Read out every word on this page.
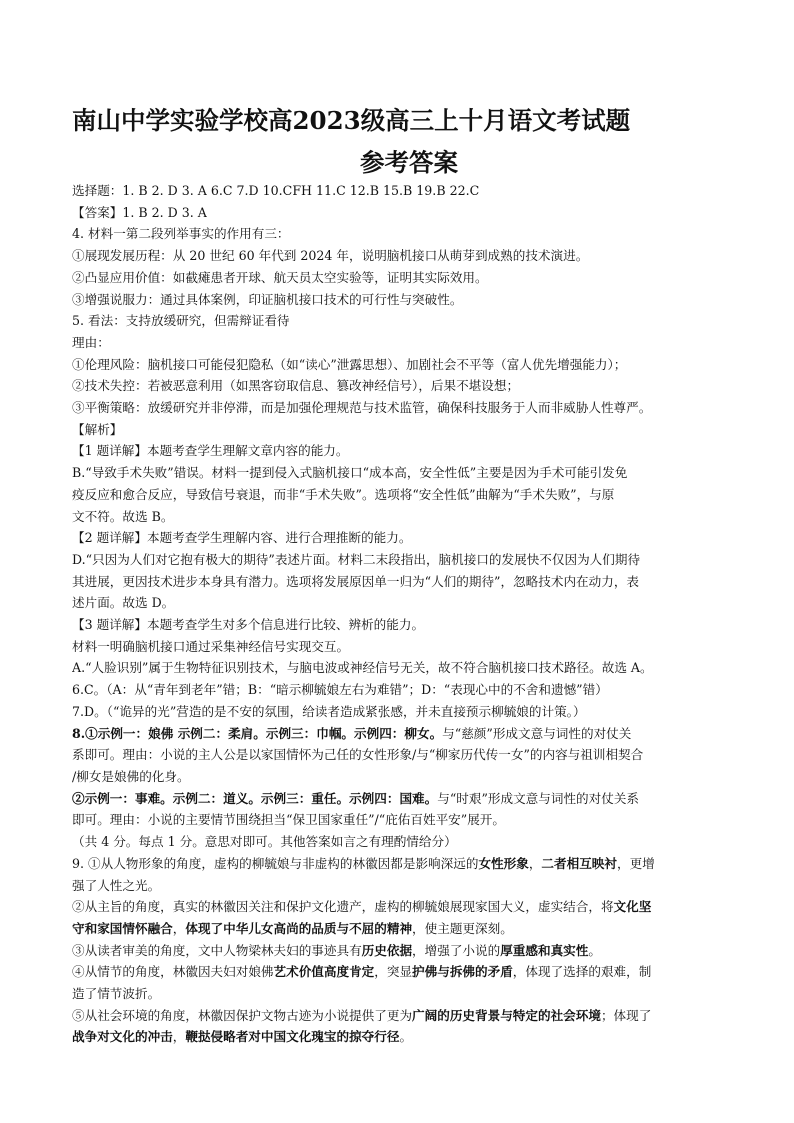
南山中学实验学校高2023级高三上十月语文考试题
参考答案

选择题：1. B 2. D 3. A 6.C 7.D 10.CFH 11.C 12.B 15.B 19.B 22.C

【答案】1. B 2. D 3. A

4. 材料一第二段列举事实的作用有三：

①展现发展历程：从 20 世纪 60 年代到 2024 年，说明脑机接口从萌芽到成熟的技术演进。

②凸显应用价值：如截瘫患者开球、航天员太空实验等，证明其实际效用。

③增强说服力：通过具体案例，印证脑机接口技术的可行性与突破性。

5. 看法：支持放缓研究，但需辩证看待

理由：

①伦理风险：脑机接口可能侵犯隐私（如“读心”泄露思想）、加剧社会不平等（富人优先增强能力）；

②技术失控：若被恶意利用（如黑客窃取信息、篡改神经信号），后果不堪设想；

③平衡策略：放缓研究并非停滞，而是加强伦理规范与技术监管，确保科技服务于人而非威胁人性尊严。

【解析】

【1 题详解】本题考查学生理解文章内容的能力。

B.“导致手术失败”错误。材料一提到侵入式脑机接口“成本高，安全性低”主要是因为手术可能引发免

疫反应和愈合反应，导致信号衰退，而非“手术失败”。选项将“安全性低”曲解为“手术失败”，与原

文不符。故选 B。

【2 题详解】本题考查学生理解内容、进行合理推断的能力。

D.“只因为人们对它抱有极大的期待”表述片面。材料二末段指出，脑机接口的发展快不仅因为人们期待

其进展，更因技术进步本身具有潜力。选项将发展原因单一归为“人们的期待”，忽略技术内在动力，表

述片面。故选 D。

【3 题详解】本题考查学生对多个信息进行比较、辨析的能力。

材料一明确脑机接口通过采集神经信号实现交互。

A.“人脸识别”属于生物特征识别技术，与脑电波或神经信号无关，故不符合脑机接口技术路径。故选 A。

6.C。（A：从“青年到老年”错；B：“暗示柳毓娘左右为难错”；D：“表现心中的不舍和遗憾”错）

7.D。（“诡异的光”营造的是不安的氛围，给读者造成紧张感，并未直接预示柳毓娘的计策。）

8.①示例一：娘佛 示例二：柔肩。示例三：巾帼。示例四：柳女。与“慈颜”形成文意与词性的对仗关

系即可。理由：小说的主人公是以家国情怀为己任的女性形象/与“柳家历代传一女”的内容与祖训相契合

/柳女是娘佛的化身。

②示例一：事难。示例二：道义。示例三：重任。示例四：国难。与“时艰”形成文意与词性的对仗关系

即可。理由：小说的主要情节围绕担当“保卫国家重任”/“庇佑百姓平安”展开。

（共 4 分。每点 1 分。意思对即可。其他答案如言之有理酌情给分）

9. ①从人物形象的角度，虚构的柳毓娘与非虚构的林徽因都是影响深远的女性形象，二者相互映衬，更增

强了人性之光。

②从主旨的角度，真实的林徽因关注和保护文化遗产，虚构的柳毓娘展现家国大义，虚实结合，将文化坚

守和家国情怀融合，体现了中华儿女高尚的品质与不屈的精神，使主题更深刻。

③从读者审美的角度，文中人物梁林夫妇的事迹具有历史依据，增强了小说的厚重感和真实性。

④从情节的角度，林徽因夫妇对娘佛艺术价值高度肯定，突显护佛与拆佛的矛盾，体现了选择的艰难，制

造了情节波折。

⑤从社会环境的角度，林徽因保护文物古迹为小说提供了更为广阔的历史背景与特定的社会环境；体现了

战争对文化的冲击，鞭挞侵略者对中国文化瑰宝的掠夺行径。
